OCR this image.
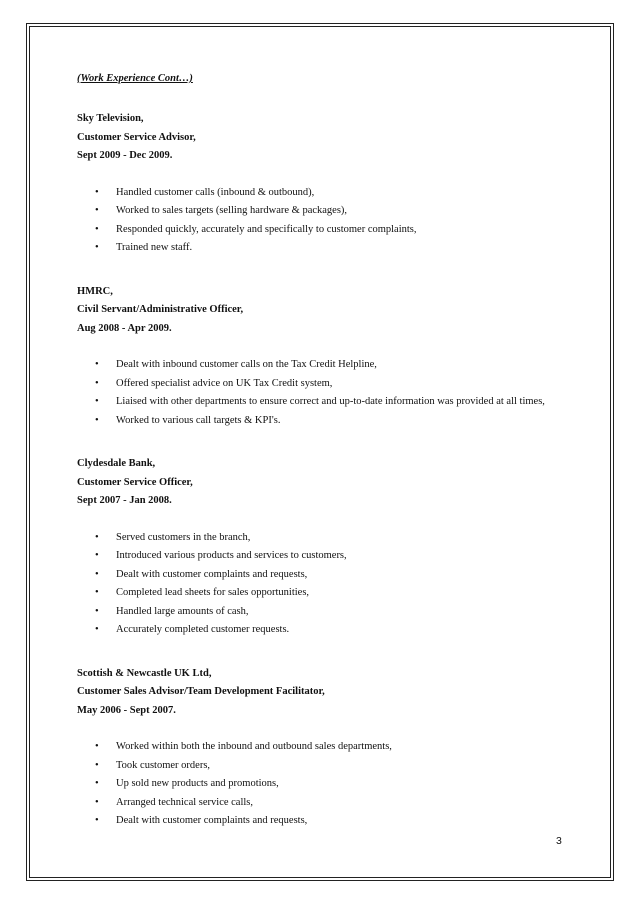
(Work Experience Cont…)
Sky Television,
Customer Service Advisor,
Sept 2009 - Dec 2009.
• Handled customer calls (inbound & outbound),
• Worked to sales targets (selling hardware & packages),
• Responded quickly, accurately and specifically to customer complaints,
• Trained new staff.
HMRC,
Civil Servant/Administrative Officer,
Aug 2008 - Apr 2009.
• Dealt with inbound customer calls on the Tax Credit Helpline,
• Offered specialist advice on UK Tax Credit system,
• Liaised with other departments to ensure correct and up-to-date information was provided at all times,
• Worked to various call targets & KPI's.
Clydesdale Bank,
Customer Service Officer,
Sept 2007 - Jan 2008.
• Served customers in the branch,
• Introduced various products and services to customers,
• Dealt with customer complaints and requests,
• Completed lead sheets for sales opportunities,
• Handled large amounts of cash,
• Accurately completed customer requests.
Scottish & Newcastle UK Ltd,
Customer Sales Advisor/Team Development Facilitator,
May 2006 - Sept 2007.
• Worked within both the inbound and outbound sales departments,
• Took customer orders,
• Up sold new products and promotions,
• Arranged technical service calls,
• Dealt with customer complaints and requests,
3
